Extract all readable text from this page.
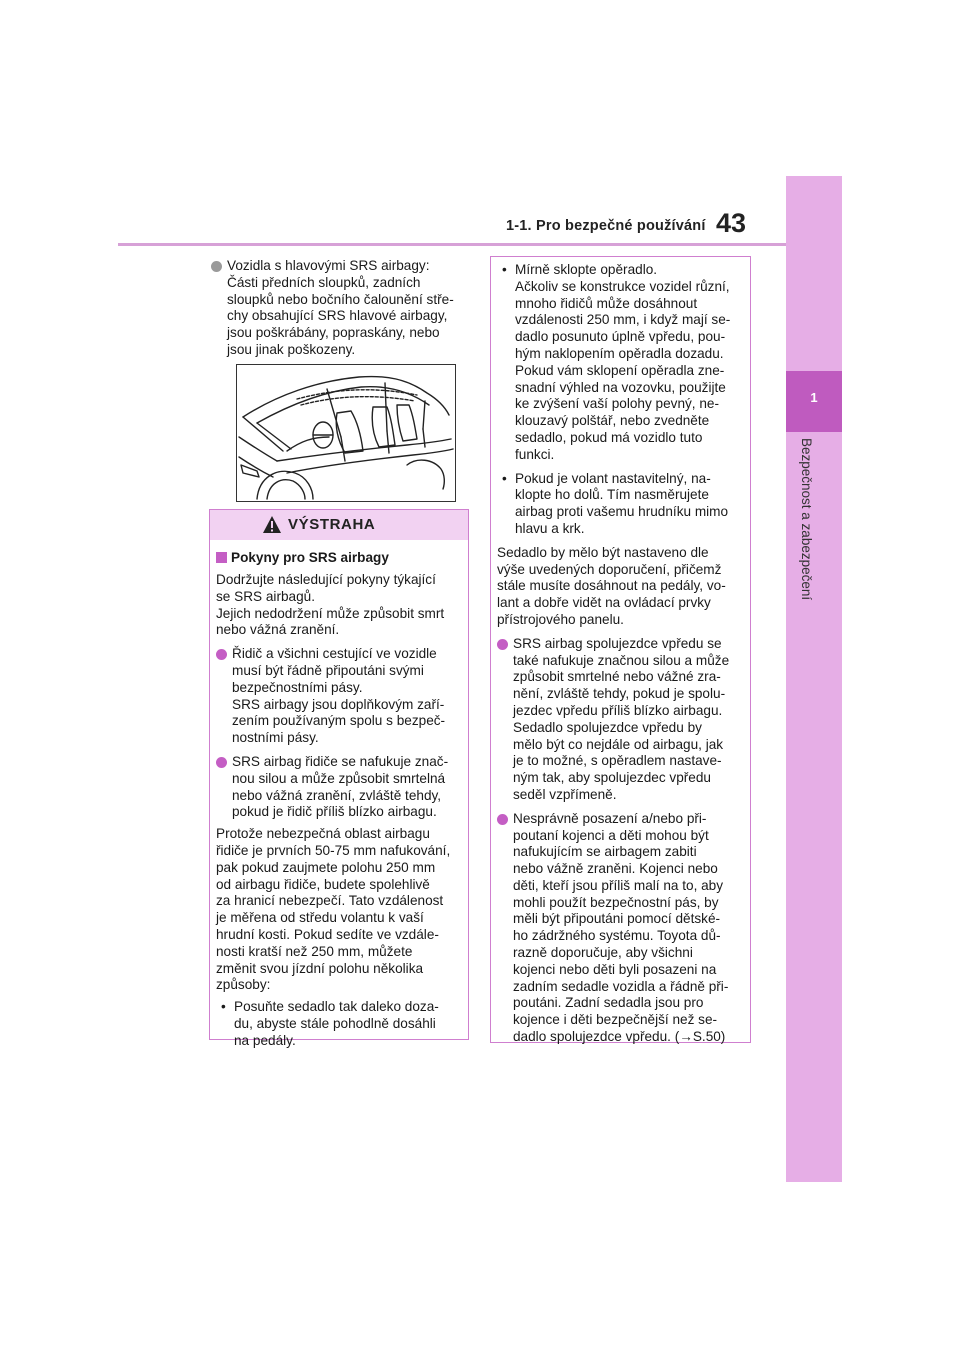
1-1. Pro bezpečné používání 43
1
Bezpečnost a zabezpečení
Vozidla s hlavovými SRS airbagy:
Části předních sloupků, zadních
sloupků nebo bočního čalounění stře-
chy obsahující SRS hlavové airbagy,
jsou poškrábány, popraskány, nebo
jsou jinak poškozeny.
VÝSTRAHA
Pokyny pro SRS airbagy

Dodržujte následující pokyny týkající
se SRS airbagů.
Jejich nedodržení může způsobit smrt
nebo vážná zranění.

Řidič a všichni cestující ve vozidle
musí být řádně připoutáni svými
bezpečnostními pásy.
SRS airbagy jsou doplňkovým zaří-
zením používaným spolu s bezpeč-
nostními pásy.
SRS airbag řidiče se nafukuje znač-
nou silou a může způsobit smrtelná
nebo vážná zranění, zvláště tehdy,
pokud je řidič příliš blízko airbagu.

Protože nebezpečná oblast airbagu
řidiče je prvních 50-75 mm nafukování,
pak pokud zaujmete polohu 250 mm
od airbagu řidiče, budete spolehlivě
za hranicí nebezpečí. Tato vzdálenost
je měřena od středu volantu k vaší
hrudní kosti. Pokud sedíte ve vzdále-
nosti kratší než 250 mm, můžete
změnit svou jízdní polohu několika
způsoby:

• Posuňte sedadlo tak daleko doza-
du, abyste stále pohodlně dosáhli
na pedály.
• Mírně sklopte opěradlo.
Ačkoliv se konstrukce vozidel různí,
mnoho řidičů může dosáhnout
vzdálenosti 250 mm, i když mají se-
dadlo posunuto úplně vpředu, pou-
hým naklopením opěradla dozadu.
Pokud vám sklopení opěradla zne-
snadní výhled na vozovku, použijte
ke zvýšení vaší polohy pevný, ne-
klouzavý polštář, nebo zvedněte
sedadlo, pokud má vozidlo tuto
funkci.
• Pokud je volant nastavitelný, na-
klopte ho dolů. Tím nasměrujete
airbag proti vašemu hrudníku mimo
hlavu a krk.

Sedadlo by mělo být nastaveno dle
výše uvedených doporučení, přičemž
stále musíte dosáhnout na pedály, vo-
lant a dobře vidět na ovládací prvky
přístrojového panelu.

SRS airbag spolujezdce vpředu se
také nafukuje značnou silou a může
způsobit smrtelné nebo vážné zra-
nění, zvláště tehdy, pokud je spolu-
jezdec vpředu příliš blízko airbagu.
Sedadlo spolujezdce vpředu by
mělo být co nejdále od airbagu, jak
je to možné, s opěradlem nastave-
ným tak, aby spolujezdec vpředu
seděl vzpřímeně.
Nesprávně posazení a/nebo při-
poutaní kojenci a děti mohou být
nafukujícím se airbagem zabiti
nebo vážně zraněni. Kojenci nebo
děti, kteří jsou příliš malí na to, aby
mohli použít bezpečnostní pás, by
měli být připoutáni pomocí dětské-
ho zádržného systému. Toyota dů-
razně doporučuje, aby všichni
kojenci nebo děti byli posazeni na
zadním sedadle vozidla a řádně při-
poutáni. Zadní sedadla jsou pro
kojence i děti bezpečnější než se-
dadlo spolujezdce vpředu. (→S.50)
